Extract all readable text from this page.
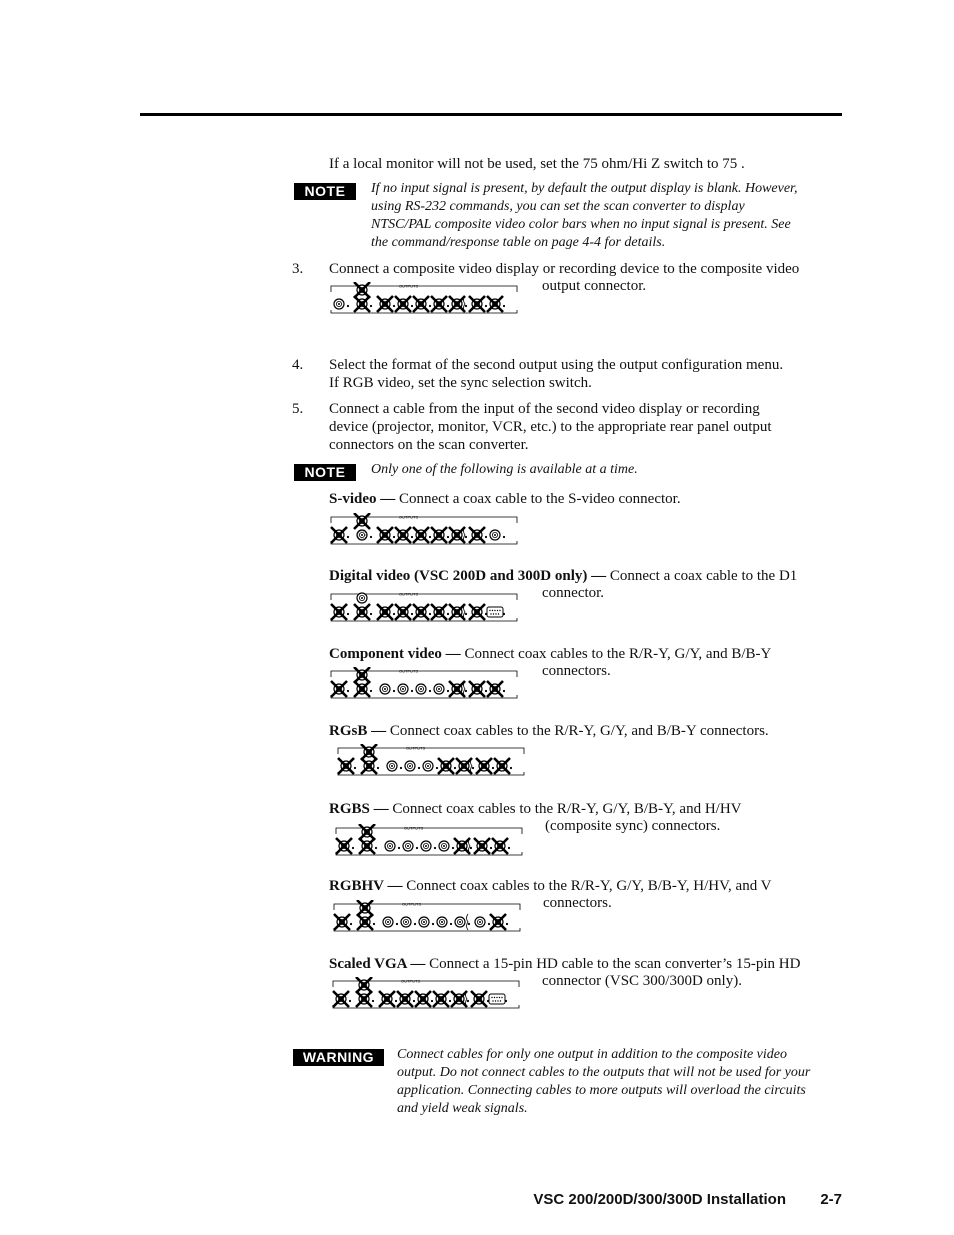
If a local monitor will not be used, set the 75 ohm/Hi Z switch to 75 .
NOTE	If no input signal is present, by default the output display is blank. However,
using RS-232 commands, you can set the scan converter to display
NTSC/PAL composite video color bars when no input signal is present. See
the command/response table on page 4-4 for details.
3. Connect a composite video display or recording device to the composite video
output connector.
OUTPUTS
4. Select the format of the second output using the output configuration menu.
If RGB video, set the sync selection switch.
5. Connect a cable from the input of the second video display or recording
device (projector, monitor, VCR, etc.) to the appropriate rear panel output
connectors on the scan converter.
NOTE	Only one of the following is available at a time.
S-video — Connect a coax cable to the S-video connector.
OUTPUTS
Digital video (VSC 200D and 300D only) — Connect a coax cable to the D1
connector.
OUTPUTS
Component video — Connect coax cables to the R/R-Y, G/Y, and B/B-Y
connectors.
OUTPUTS
RGsB — Connect coax cables to the R/R-Y, G/Y, and B/B-Y connectors.
OUTPUTS
RGBS — Connect coax cables to the R/R-Y, G/Y, B/B-Y, and H/HV
(composite sync) connectors.
OUTPUTS
RGBHV — Connect coax cables to the R/R-Y, G/Y, B/B-Y, H/HV, and V
connectors.
OUTPUTS
Scaled VGA — Connect a 15-pin HD cable to the scan converter’s 15-pin HD
connector (VSC 300/300D only).
OUTPUTS
WARNING	Connect cables for only one output in addition to the composite video
output. Do not connect cables to the outputs that will not be used for your
application. Connecting cables to more outputs will overload the circuits
and yield weak signals.
VSC 200/200D/300/300D Installation 2-7
